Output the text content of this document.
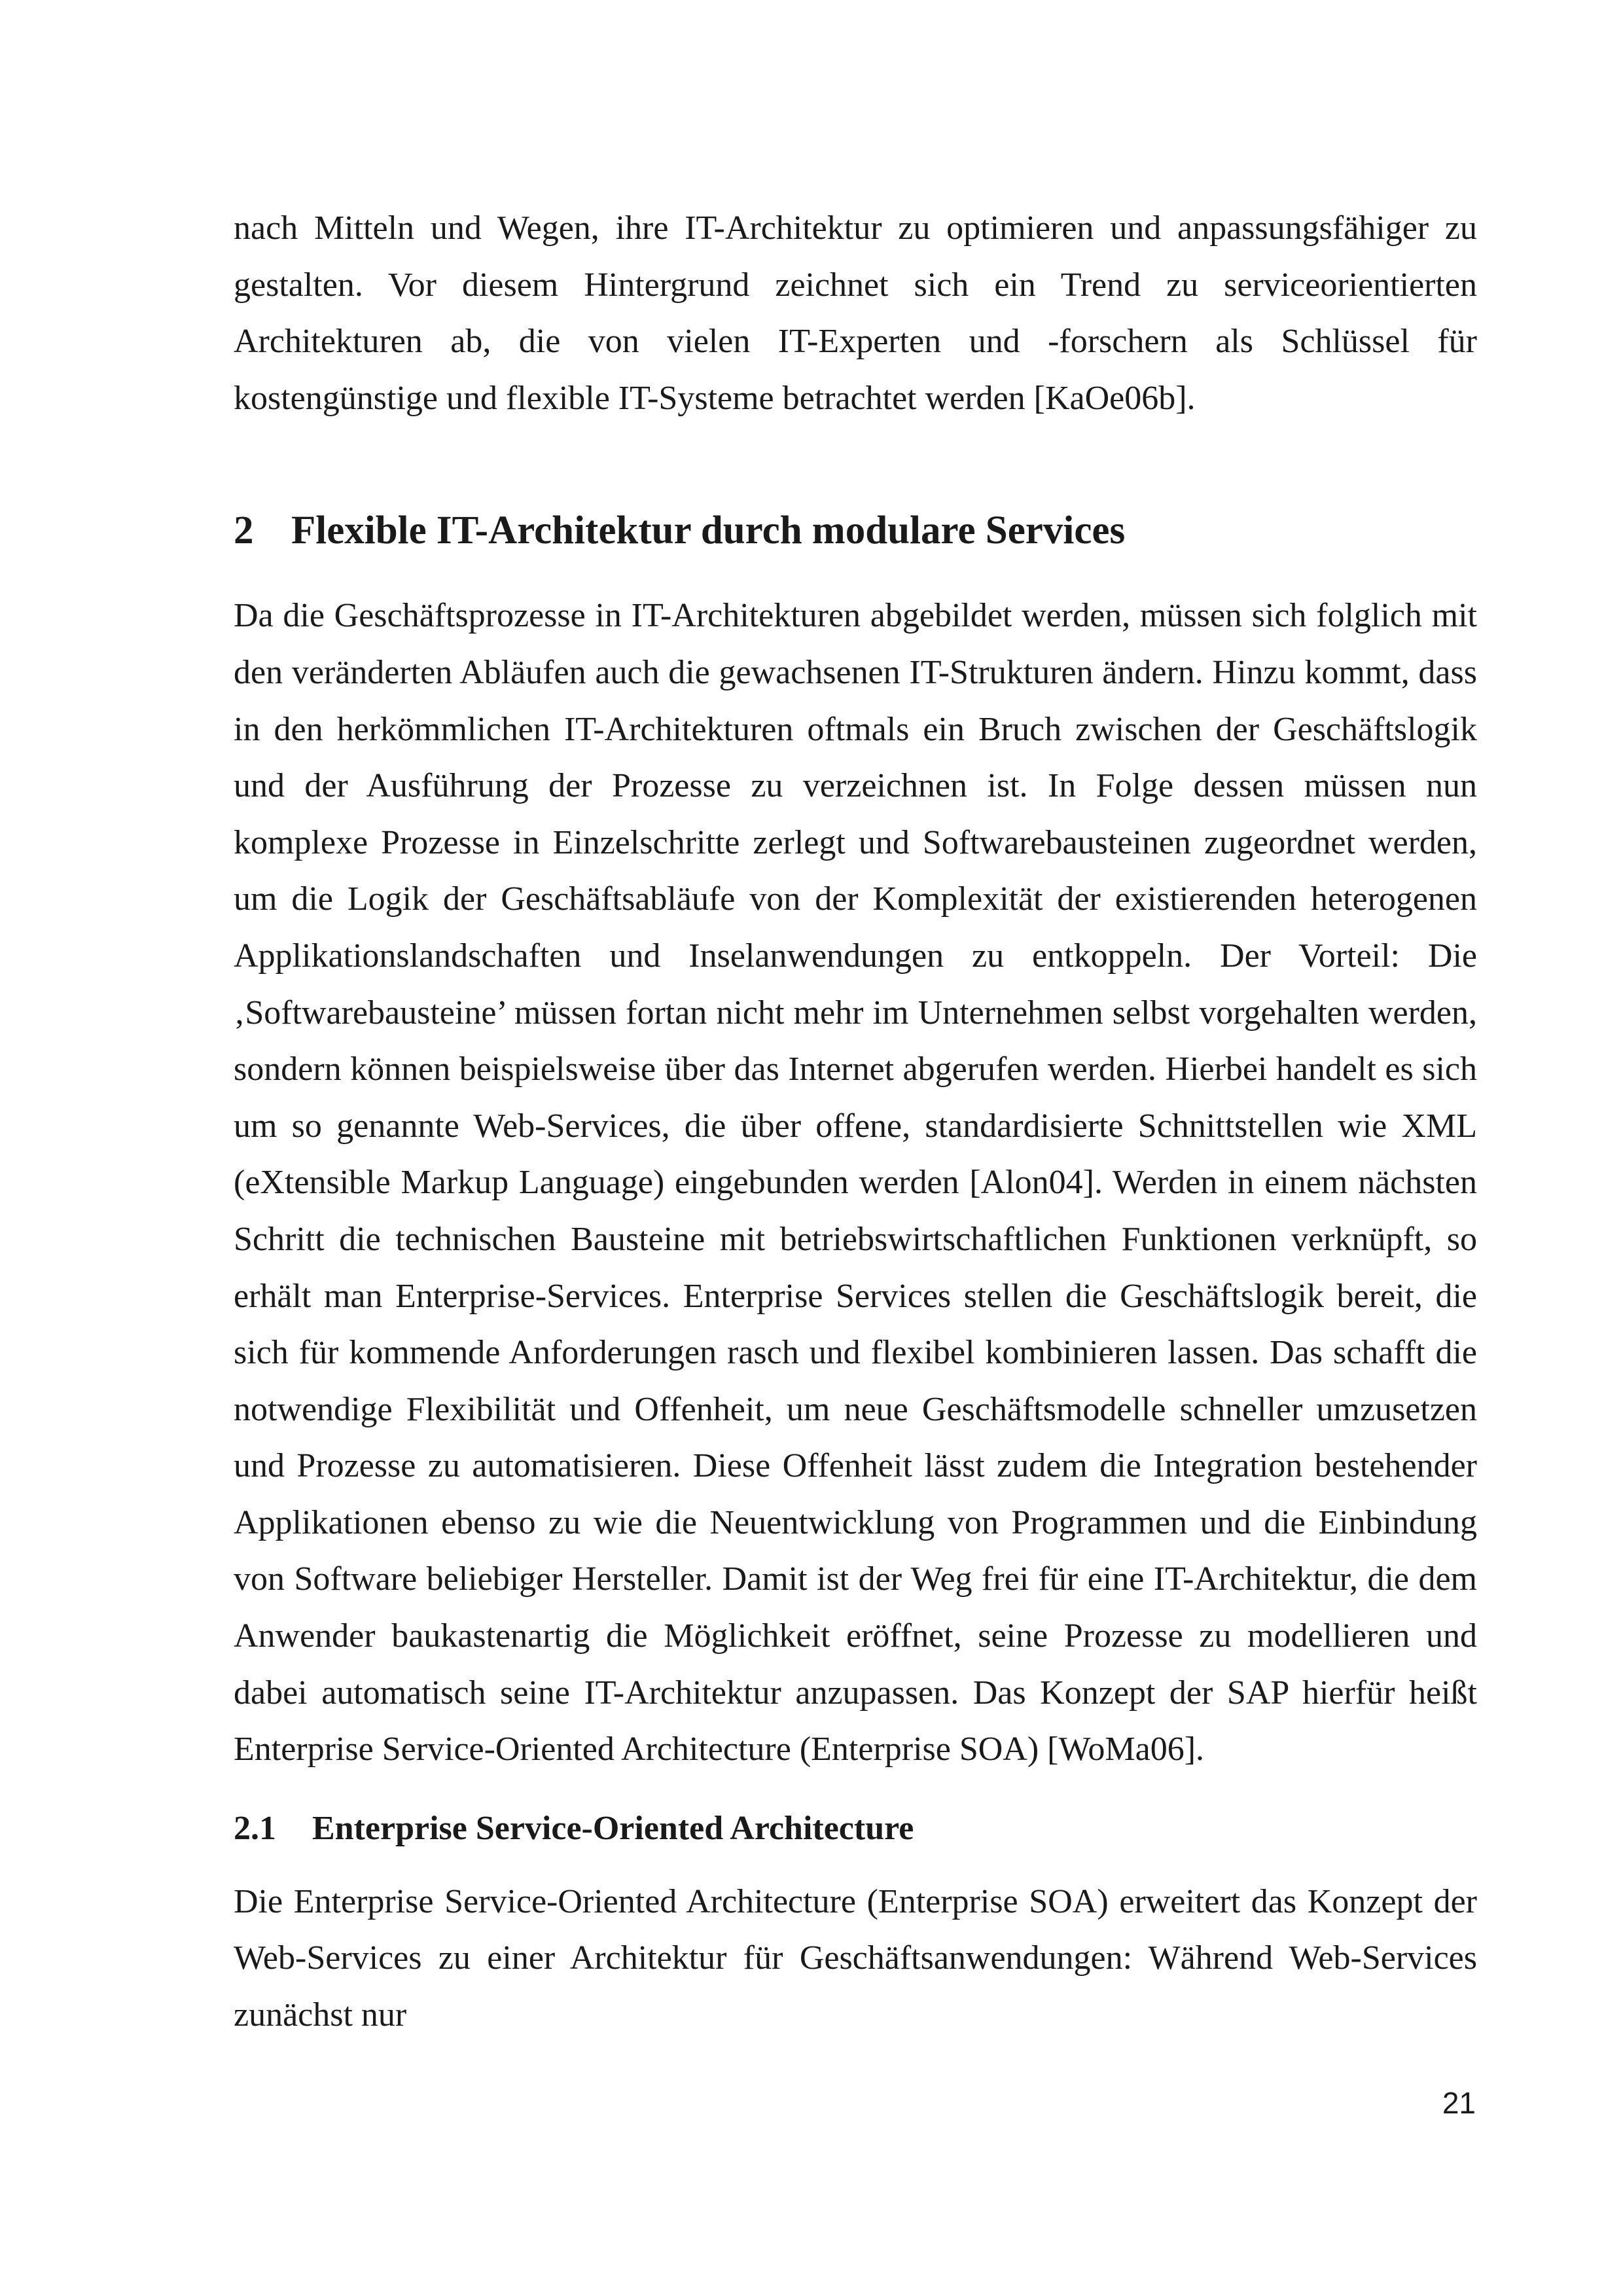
nach Mitteln und Wegen, ihre IT-Architektur zu optimieren und anpassungsfähiger zu gestalten. Vor diesem Hintergrund zeichnet sich ein Trend zu serviceorientierten Architekturen ab, die von vielen IT-Experten und -forschern als Schlüssel für kostengünstige und flexible IT-Systeme betrachtet werden [KaOe06b].

2 Flexible IT-Architektur durch modulare Services

Da die Geschäftsprozesse in IT-Architekturen abgebildet werden, müssen sich folglich mit den veränderten Abläufen auch die gewachsenen IT-Strukturen ändern. Hinzu kommt, dass in den herkömmlichen IT-Architekturen oftmals ein Bruch zwischen der Geschäftslogik und der Ausführung der Prozesse zu verzeichnen ist. In Folge dessen müssen nun komplexe Prozesse in Einzelschritte zerlegt und Softwarebausteinen zugeordnet werden, um die Logik der Geschäftsabläufe von der Komplexität der existierenden heterogenen Applikationslandschaften und Inselanwendungen zu entkoppeln. Der Vorteil: Die ‚Softwarebausteine’ müssen fortan nicht mehr im Unternehmen selbst vorgehalten werden, sondern können beispielsweise über das Internet abgerufen werden. Hierbei handelt es sich um so genannte Web-Services, die über offene, standardisierte Schnittstellen wie XML (eXtensible Markup Language) eingebunden werden [Alon04]. Werden in einem nächsten Schritt die technischen Bausteine mit betriebswirtschaftlichen Funktionen verknüpft, so erhält man Enterprise-Services. Enterprise Services stellen die Geschäftslogik bereit, die sich für kommende Anforderungen rasch und flexibel kombinieren lassen. Das schafft die notwendige Flexibilität und Offenheit, um neue Geschäftsmodelle schneller umzusetzen und Prozesse zu automatisieren. Diese Offenheit lässt zudem die Integration bestehender Applikationen ebenso zu wie die Neuentwicklung von Programmen und die Einbindung von Software beliebiger Hersteller. Damit ist der Weg frei für eine IT-Architektur, die dem Anwender baukastenartig die Möglichkeit eröffnet, seine Prozesse zu modellieren und dabei automatisch seine IT-Architektur anzupassen. Das Konzept der SAP hierfür heißt Enterprise Service-Oriented Architecture (Enterprise SOA) [WoMa06].

2.1	Enterprise Service-Oriented Architecture

Die Enterprise Service-Oriented Architecture (Enterprise SOA) erweitert das Konzept der Web-Services zu einer Architektur für Geschäftsanwendungen: Während Web-Services zunächst nur

21
